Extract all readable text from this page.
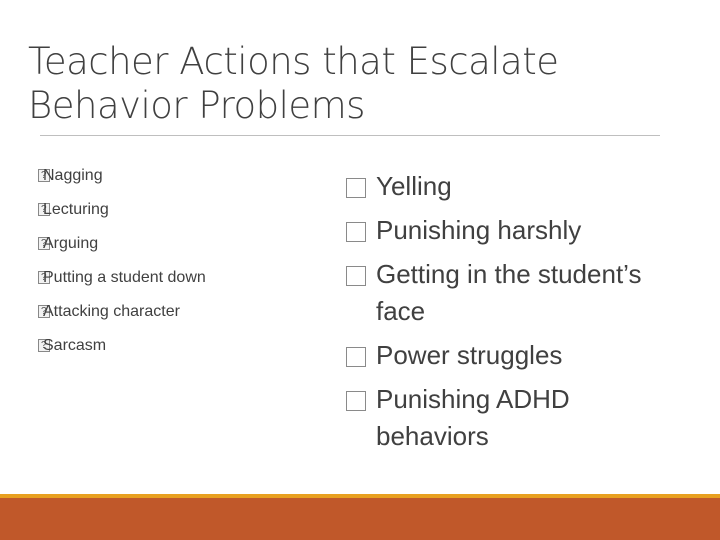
Teacher Actions that Escalate Behavior Problems
?
Nagging
?
Lecturing
?
Arguing
?
Putting a student down
?
Attacking character
?
Sarcasm
Yelling
Punishing harshly
Getting in the student’s face
Power struggles
Punishing ADHD behaviors
